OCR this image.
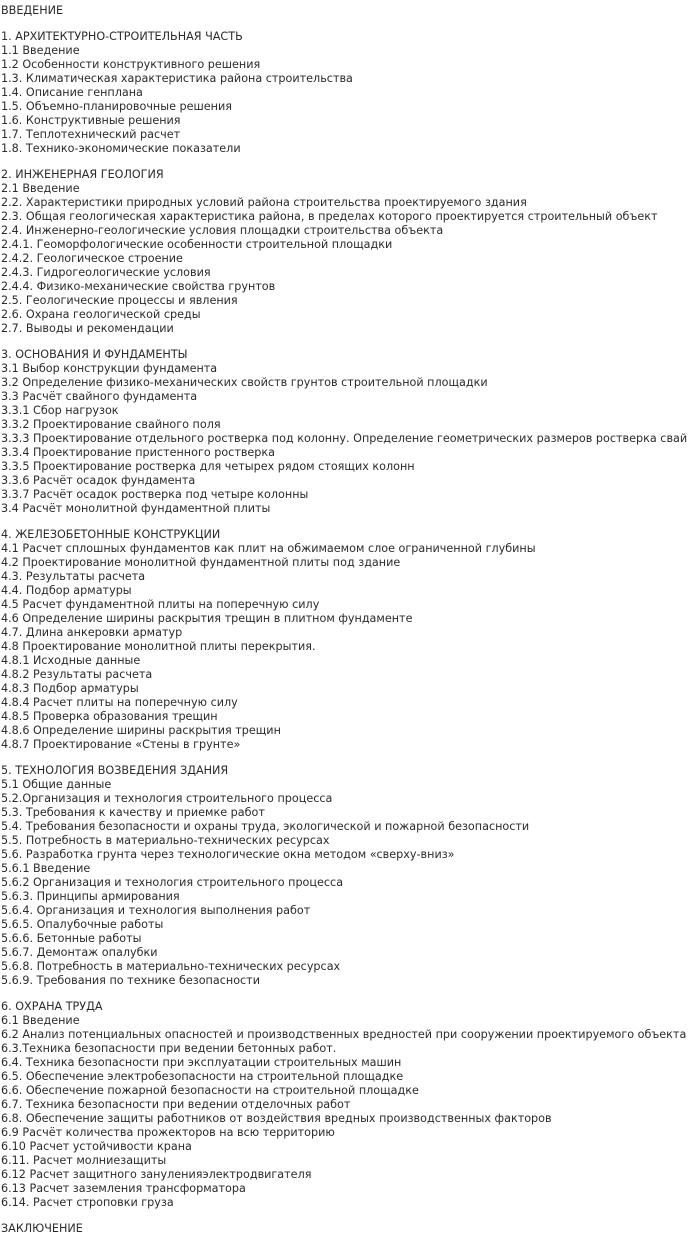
ВВЕДЕНИЕ
1. АРХИТЕКТУРНО-СТРОИТЕЛЬНАЯ ЧАСТЬ
1.1 Введение
1.2 Особенности конструктивного решения
1.3. Климатическая характеристика района строительства
1.4. Описание генплана
1.5. Объемно-планировочные решения
1.6. Конструктивные решения
1.7. Теплотехнический расчет
1.8. Технико-экономические показатели
2. ИНЖЕНЕРНАЯ ГЕОЛОГИЯ
2.1 Введение
2.2. Характеристики природных условий района строительства проектируемого здания
2.3. Общая геологическая характеристика района, в пределах которого проектируется строительный объект
2.4. Инженерно-геологические условия площадки строительства объекта
2.4.1. Геоморфологические особенности строительной площадки
2.4.2. Геологическое строение
2.4.3. Гидрогеологические условия
2.4.4. Физико-механические свойства грунтов
2.5. Геологические процессы и явления
2.6. Охрана геологической среды
2.7. Выводы и рекомендации
3. ОСНОВАНИЯ И ФУНДАМЕНТЫ
3.1 Выбор конструкции фундамента
3.2 Определение физико-механических свойств грунтов строительной площадки
3.3 Расчёт свайного фундамента
3.3.1 Сбор нагрузок
3.3.2 Проектирование свайного поля
3.3.3 Проектирование отдельного ростверка под колонну. Определение геометрических размеров ростверка свай
3.3.4 Проектирование пристенного ростверка
3.3.5 Проектирование ростверка для четырех рядом стоящих колонн
3.3.6 Расчёт осадок фундамента
3.3.7 Расчёт осадок ростверка под четыре колонны
3.4 Расчёт монолитной фундаментной плиты
4. ЖЕЛЕЗОБЕТОННЫЕ КОНСТРУКЦИИ
4.1 Расчет сплошных фундаментов как плит на обжимаемом слое ограниченной глубины
4.2 Проектирование монолитной фундаментной плиты под здание
4.3. Результаты расчета
4.4. Подбор арматуры
4.5 Расчет фундаментной плиты на поперечную силу
4.6 Определение ширины раскрытия трещин в плитном фундаменте
4.7. Длина анкеровки арматур
4.8 Проектирование монолитной плиты перекрытия.
4.8.1 Исходные данные
4.8.2 Результаты расчета
4.8.3 Подбор арматуры
4.8.4 Расчет плиты на поперечную силу
4.8.5 Проверка образования трещин
4.8.6 Определение ширины раскрытия трещин
4.8.7 Проектирование «Стены в грунте»
5. ТЕХНОЛОГИЯ ВОЗВЕДЕНИЯ ЗДАНИЯ
5.1 Общие данные
5.2.Организация и технология строительного процесса
5.3. Требования к качеству и приемке работ
5.4. Требования безопасности и охраны труда, экологической и пожарной безопасности
5.5. Потребность в материально-технических ресурсах
5.6. Разработка грунта через технологические окна методом «сверху-вниз»
5.6.1 Введение
5.6.2 Организация и технология строительного процесса
5.6.3. Принципы армирования
5.6.4. Организация и технология выполнения работ
5.6.5. Опалубочные работы
5.6.6. Бетонные работы
5.6.7. Демонтаж опалубки
5.6.8. Потребность в материально-технических ресурсах
5.6.9. Требования по технике безопасности
6. ОХРАНА ТРУДА
6.1 Введение
6.2 Анализ потенциальных опасностей и производственных вредностей при сооружении проектируемого объекта
6.3.Техника безопасности при ведении бетонных работ.
6.4. Техника безопасности при эксплуатации строительных машин
6.5. Обеспечение электробезопасности на строительной площадке
6.6. Обеспечение пожарной безопасности на строительной площадке
6.7. Техника безопасности при ведении отделочных работ
6.8. Обеспечение защиты работников от воздействия вредных производственных факторов
6.9 Расчёт количества прожекторов на всю территорию
6.10 Расчет устойчивости крана
6.11. Расчет молниезащиты
6.12 Расчет защитного зануленияэлектродвигателя
6.13 Расчет заземления трансформатора
6.14. Расчет строповки груза
ЗАКЛЮЧЕНИЕ
